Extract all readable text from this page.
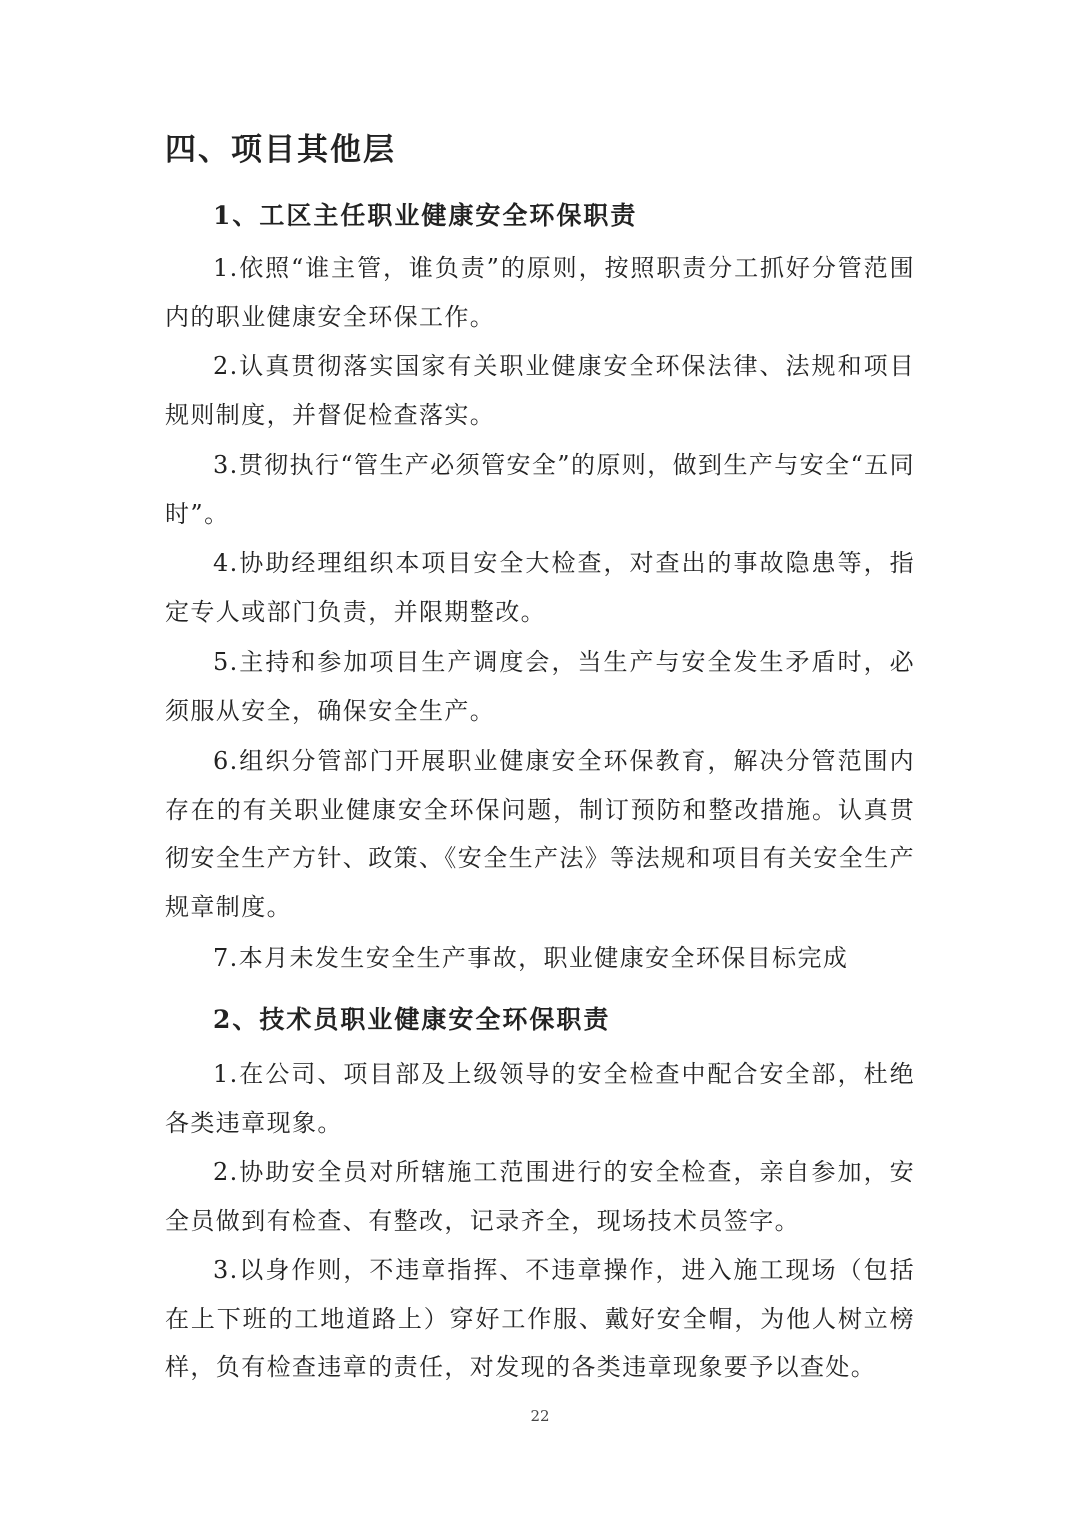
四、项目其他层
1、工区主任职业健康安全环保职责

1.依照“谁主管，谁负责”的原则，按照职责分工抓好分管范围内的职业健康安全环保工作。

2.认真贯彻落实国家有关职业健康安全环保法律、法规和项目规则制度，并督促检查落实。

3.贯彻执行“管生产必须管安全”的原则，做到生产与安全“五同时”。

4.协助经理组织本项目安全大检查，对查出的事故隐患等，指定专人或部门负责，并限期整改。

5.主持和参加项目生产调度会，当生产与安全发生矛盾时，必须服从安全，确保安全生产。

6.组织分管部门开展职业健康安全环保教育，解决分管范围内存在的有关职业健康安全环保问题，制订预防和整改措施。认真贯彻安全生产方针、政策、《安全生产法》等法规和项目有关安全生产规章制度。

7.本月未发生安全生产事故，职业健康安全环保目标完成

2、技术员职业健康安全环保职责

1.在公司、项目部及上级领导的安全检查中配合安全部，杜绝各类违章现象。

2.协助安全员对所辖施工范围进行的安全检查，亲自参加，安全员做到有检查、有整改，记录齐全，现场技术员签字。

3.以身作则，不违章指挥、不违章操作，进入施工现场（包括在上下班的工地道路上）穿好工作服、戴好安全帽，为他人树立榜样，负有检查违章的责任，对发现的各类违章现象要予以查处。

22
